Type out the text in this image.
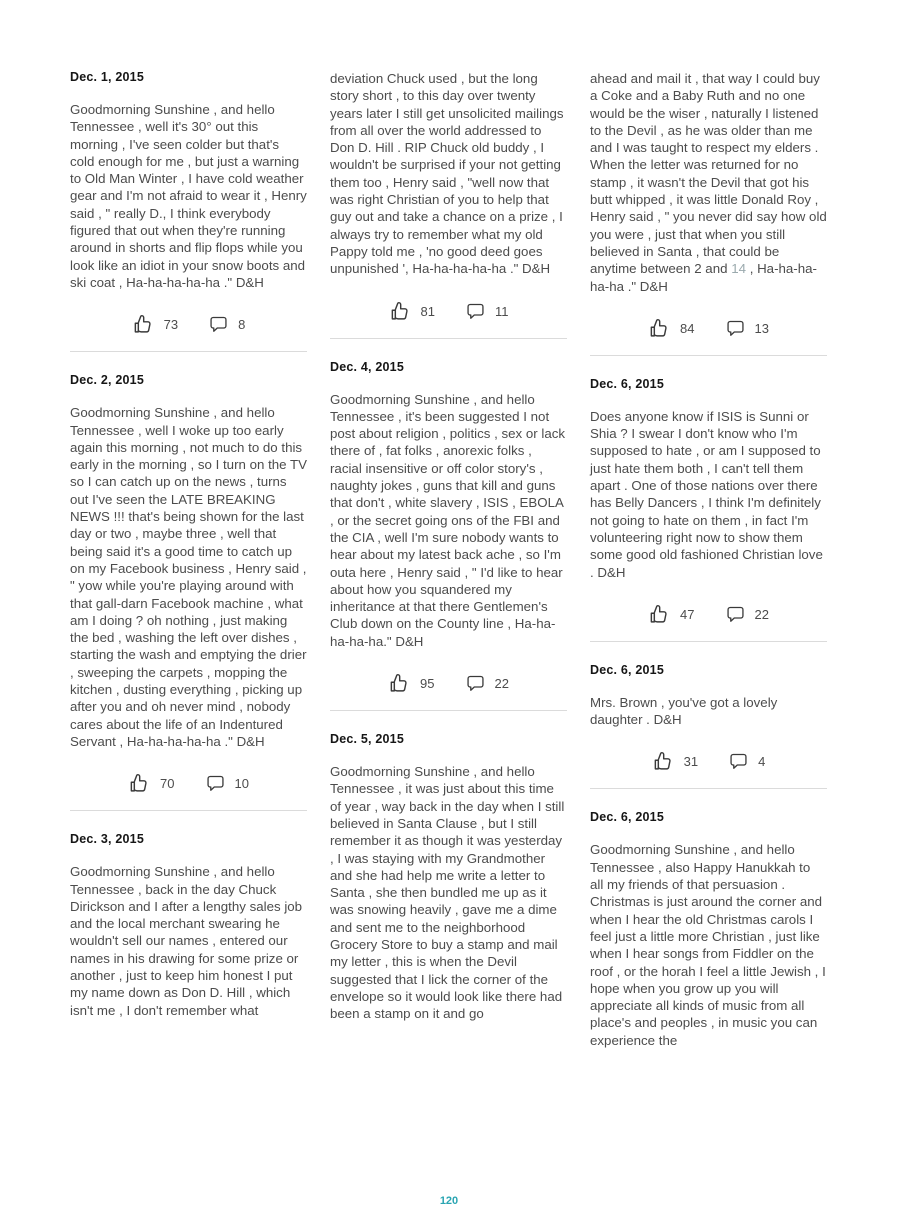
Dec. 1, 2015

Goodmorning Sunshine , and hello Tennessee , well it's 30° out this morning , I've seen colder but that's cold enough for me , but just a warning to Old Man Winter , I have cold weather gear and I'm not afraid to wear it , Henry said , " really D., I think everybody figured that out when they're running around in shorts and flip flops while you look like an idiot in your snow boots and ski coat , Ha-ha-ha-ha-ha ." D&H

73	8
Dec. 2, 2015

Goodmorning Sunshine , and hello Tennessee , well I woke up too early again this morning , not much to do this early in the morning , so I turn on the TV so I can catch up on the news , turns out I've seen the LATE BREAKING NEWS !!! that's being shown for the last day or two , maybe three , well that being said it's a good time to catch up on my Facebook business , Henry said , " yow while you're playing around with that gall-darn Facebook machine , what am I doing ? oh nothing , just making the bed , washing the left over dishes , starting the wash and emptying the drier , sweeping the carpets , mopping the kitchen , dusting everything , picking up after you and oh never mind , nobody cares about the life of an Indentured Servant , Ha-ha-ha-ha-ha ." D&H

70	10
Dec. 3, 2015

Goodmorning Sunshine , and hello Tennessee , back in the day Chuck Dirickson and I after a lengthy sales job and the local merchant swearing he wouldn't sell our names , entered our names in his drawing for some prize or another , just to keep him honest I put my name down as Don D. Hill , which isn't me , I don't remember what

deviation Chuck used , but the long story short , to this day over twenty years later I still get unsolicited mailings from all over the world addressed to Don D. Hill . RIP Chuck old buddy , I wouldn't be surprised if your not getting them too , Henry said , "well now that was right Christian of you to help that guy out and take a chance on a prize , I always try to remember what my old Pappy told me , 'no good deed goes unpunished ', Ha-ha-ha-ha-ha ." D&H

81	11
Dec. 4, 2015

Goodmorning Sunshine , and hello Tennessee , it's been suggested I not post about religion , politics , sex or lack there of , fat folks , anorexic folks , racial insensitive or off color story's , naughty jokes , guns that kill and guns that don't , white slavery , ISIS , EBOLA , or the secret going ons of the FBI and the CIA , well I'm sure nobody wants to hear about my latest back ache , so I'm outa here , Henry said , " I'd like to hear about how you squandered my inheritance at that there Gentlemen's Club down on the County line , Ha-ha-ha-ha-ha." D&H

95	22
Dec. 5, 2015

Goodmorning Sunshine , and hello Tennessee , it was just about this time of year , way back in the day when I still believed in Santa Clause , but I still remember it as though it was yesterday , I was staying with my Grandmother and she had help me write a letter to Santa , she then bundled me up as it was snowing heavily , gave me a dime and sent me to the neighborhood Grocery Store to buy a stamp and mail my letter , this is when the Devil suggested that I lick the corner of the envelope so it would look like there had been a stamp on it and go

ahead and mail it , that way I could buy a Coke and a Baby Ruth and no one would be the wiser , naturally I listened to the Devil , as he was older than me and I was taught to respect my elders . When the letter was returned for no stamp , it wasn't the Devil that got his butt whipped , it was little Donald Roy , Henry said , " you never did say how old you were , just that when you still believed in Santa , that could be anytime between 2 and 14 , Ha-ha-ha-ha-ha ." D&H

84	13
Dec. 6, 2015

Does anyone know if ISIS is Sunni or Shia ? I swear I don't know who I'm supposed to hate , or am I supposed to just hate them both , I can't tell them apart . One of those nations over there has Belly Dancers , I think I'm definitely not going to hate on them , in fact I'm volunteering right now to show them some good old fashioned Christian love . D&H

47	22
Dec. 6, 2015

Mrs. Brown , you've got a lovely daughter . D&H

31	4
Dec. 6, 2015

Goodmorning Sunshine , and hello Tennessee , also Happy Hanukkah to all my friends of that persuasion . Christmas is just around the corner and when I hear the old Christmas carols I feel just a little more Christian , just like when I hear songs from Fiddler on the roof , or the horah I feel a little Jewish , I hope when you grow up you will appreciate all kinds of music from all place's and peoples , in music you can experience the

120
